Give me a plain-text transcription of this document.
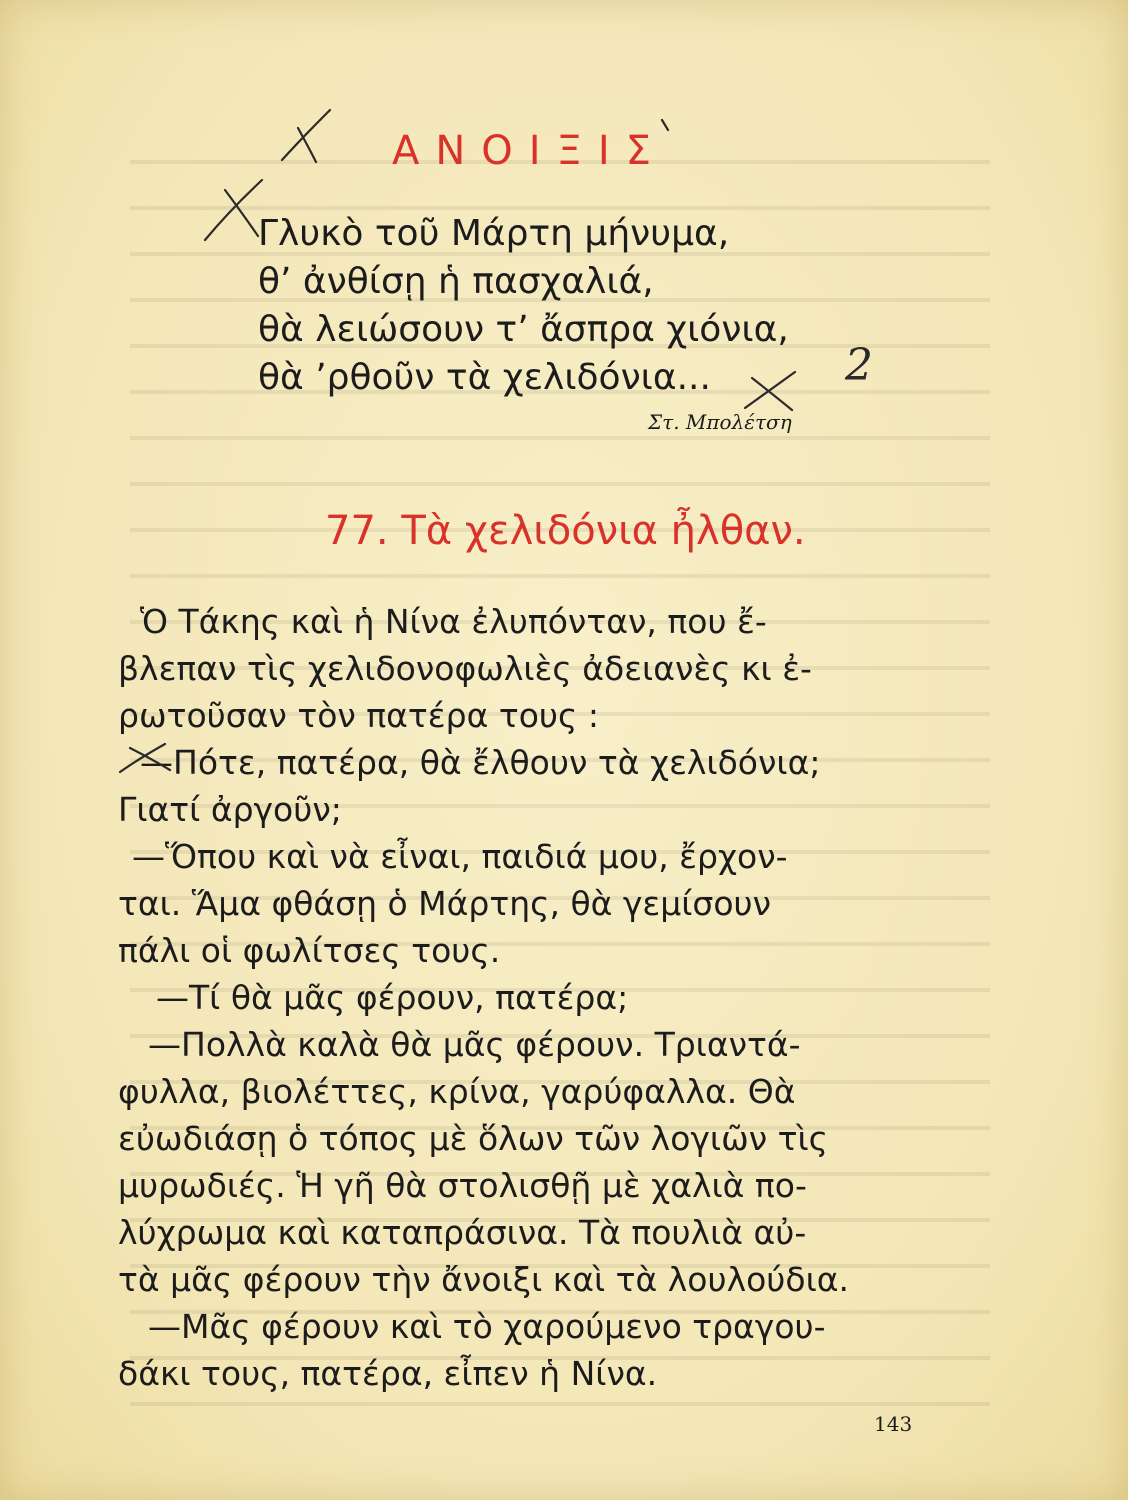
ΑΝΟΙΞΙΣ
Γλυκὸ τοῦ Μάρτη μήνυμα,
θ’ ἀνθίσῃ ἡ πασχαλιά,
θὰ λειώσουν τ’ ἄσπρα χιόνια,
θὰ ’ρθοῦν τὰ χελιδόνια...
Στ. Μπολέτση
77. Τὰ χελιδόνια ἦλθαν.
Ὁ Τάκης καὶ ἡ Νίνα ἐλυπόνταν, που ἔ-
βλεπαν τὶς χελιδονοφωλιὲς ἀδειανὲς κι ἐ-
ρωτοῦσαν τὸν πατέρα τους :
—Πότε, πατέρα, θὰ ἔλθουν τὰ χελιδόνια;
Γιατί ἀργοῦν;
—Ὅπου καὶ νὰ εἶναι, παιδιά μου, ἔρχον-
ται. Ἅμα φθάσῃ ὁ Μάρτης, θὰ γεμίσουν
πάλι οἱ φωλίτσες τους.
—Τί θὰ μᾶς φέρουν, πατέρα;
—Πολλὰ καλὰ θὰ μᾶς φέρουν. Τριαντά-
φυλλα, βιολέττες, κρίνα, γαρύφαλλα. Θὰ
εὐωδιάσῃ ὁ τόπος μὲ ὅλων τῶν λογιῶν τὶς
μυρωδιές. Ἡ γῆ θὰ στολισθῇ μὲ χαλιὰ πο-
λύχρωμα καὶ καταπράσινα. Τὰ πουλιὰ αὐ-
τὰ μᾶς φέρουν τὴν ἄνοιξι καὶ τὰ λουλούδια.
—Μᾶς φέρουν καὶ τὸ χαρούμενο τραγου-
δάκι τους, πατέρα, εἶπεν ἡ Νίνα.
143
2
